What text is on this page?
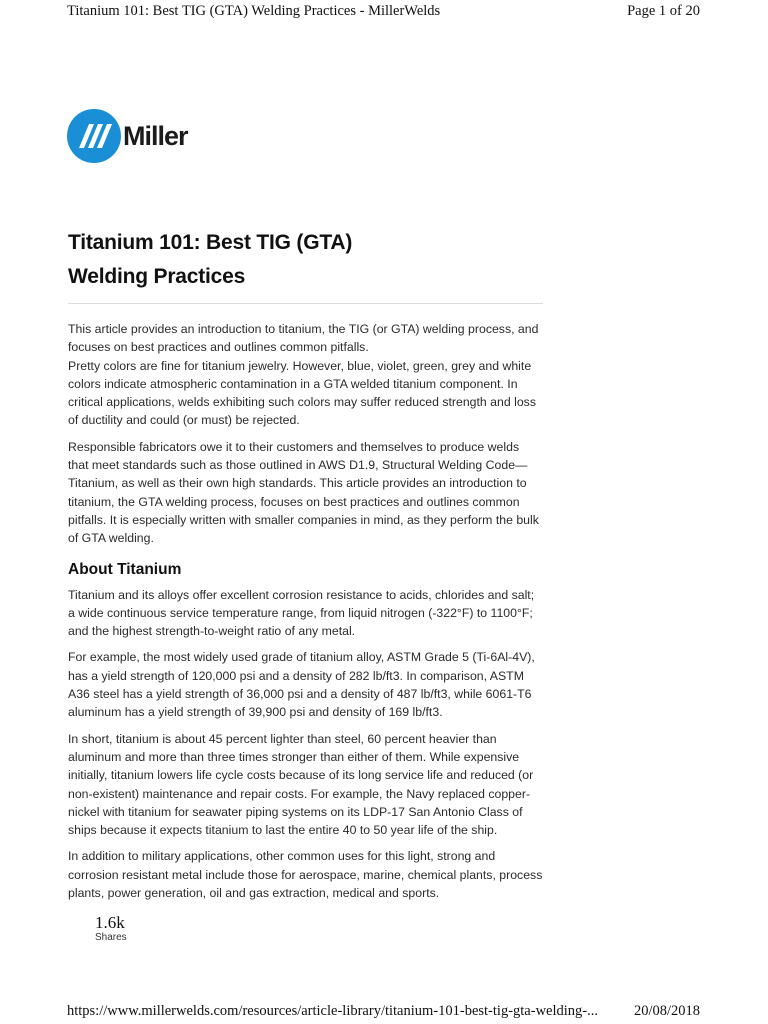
Titanium 101: Best TIG (GTA) Welding Practices - MillerWelds	Page 1 of 20
Miller
Titanium 101: Best TIG (GTA)
Welding Practices

This article provides an introduction to titanium, the TIG (or GTA) welding process, and focuses on best practices and outlines common pitfalls.

Pretty colors are fine for titanium jewelry. However, blue, violet, green, grey and white colors indicate atmospheric contamination in a GTA welded titanium component. In critical applications, welds exhibiting such colors may suffer reduced strength and loss of ductility and could (or must) be rejected.

Responsible fabricators owe it to their customers and themselves to produce welds that meet standards such as those outlined in AWS D1.9, Structural Welding Code—Titanium, as well as their own high standards. This article provides an introduction to titanium, the GTA welding process, focuses on best practices and outlines common pitfalls. It is especially written with smaller companies in mind, as they perform the bulk of GTA welding.

About Titanium

Titanium and its alloys offer excellent corrosion resistance to acids, chlorides and salt; a wide continuous service temperature range, from liquid nitrogen (-322°F) to 1100°F; and the highest strength-to-weight ratio of any metal.

For example, the most widely used grade of titanium alloy, ASTM Grade 5 (Ti-6Al-4V), has a yield strength of 120,000 psi and a density of 282 lb/ft3. In comparison, ASTM A36 steel has a yield strength of 36,000 psi and a density of 487 lb/ft3, while 6061-T6 aluminum has a yield strength of 39,900 psi and density of 169 lb/ft3.

In short, titanium is about 45 percent lighter than steel, 60 percent heavier than aluminum and more than three times stronger than either of them. While expensive initially, titanium lowers life cycle costs because of its long service life and reduced (or non-existent) maintenance and repair costs. For example, the Navy replaced copper-nickel with titanium for seawater piping systems on its LDP-17 San Antonio Class of ships because it expects titanium to last the entire 40 to 50 year life of the ship.

In addition to military applications, other common uses for this light, strong and corrosion resistant metal include those for aerospace, marine, chemical plants, process plants, power generation, oil and gas extraction, medical and sports.

1.6k
Shares
https://www.millerwelds.com/resources/article-library/titanium-101-best-tig-gta-welding-... 20/08/2018
